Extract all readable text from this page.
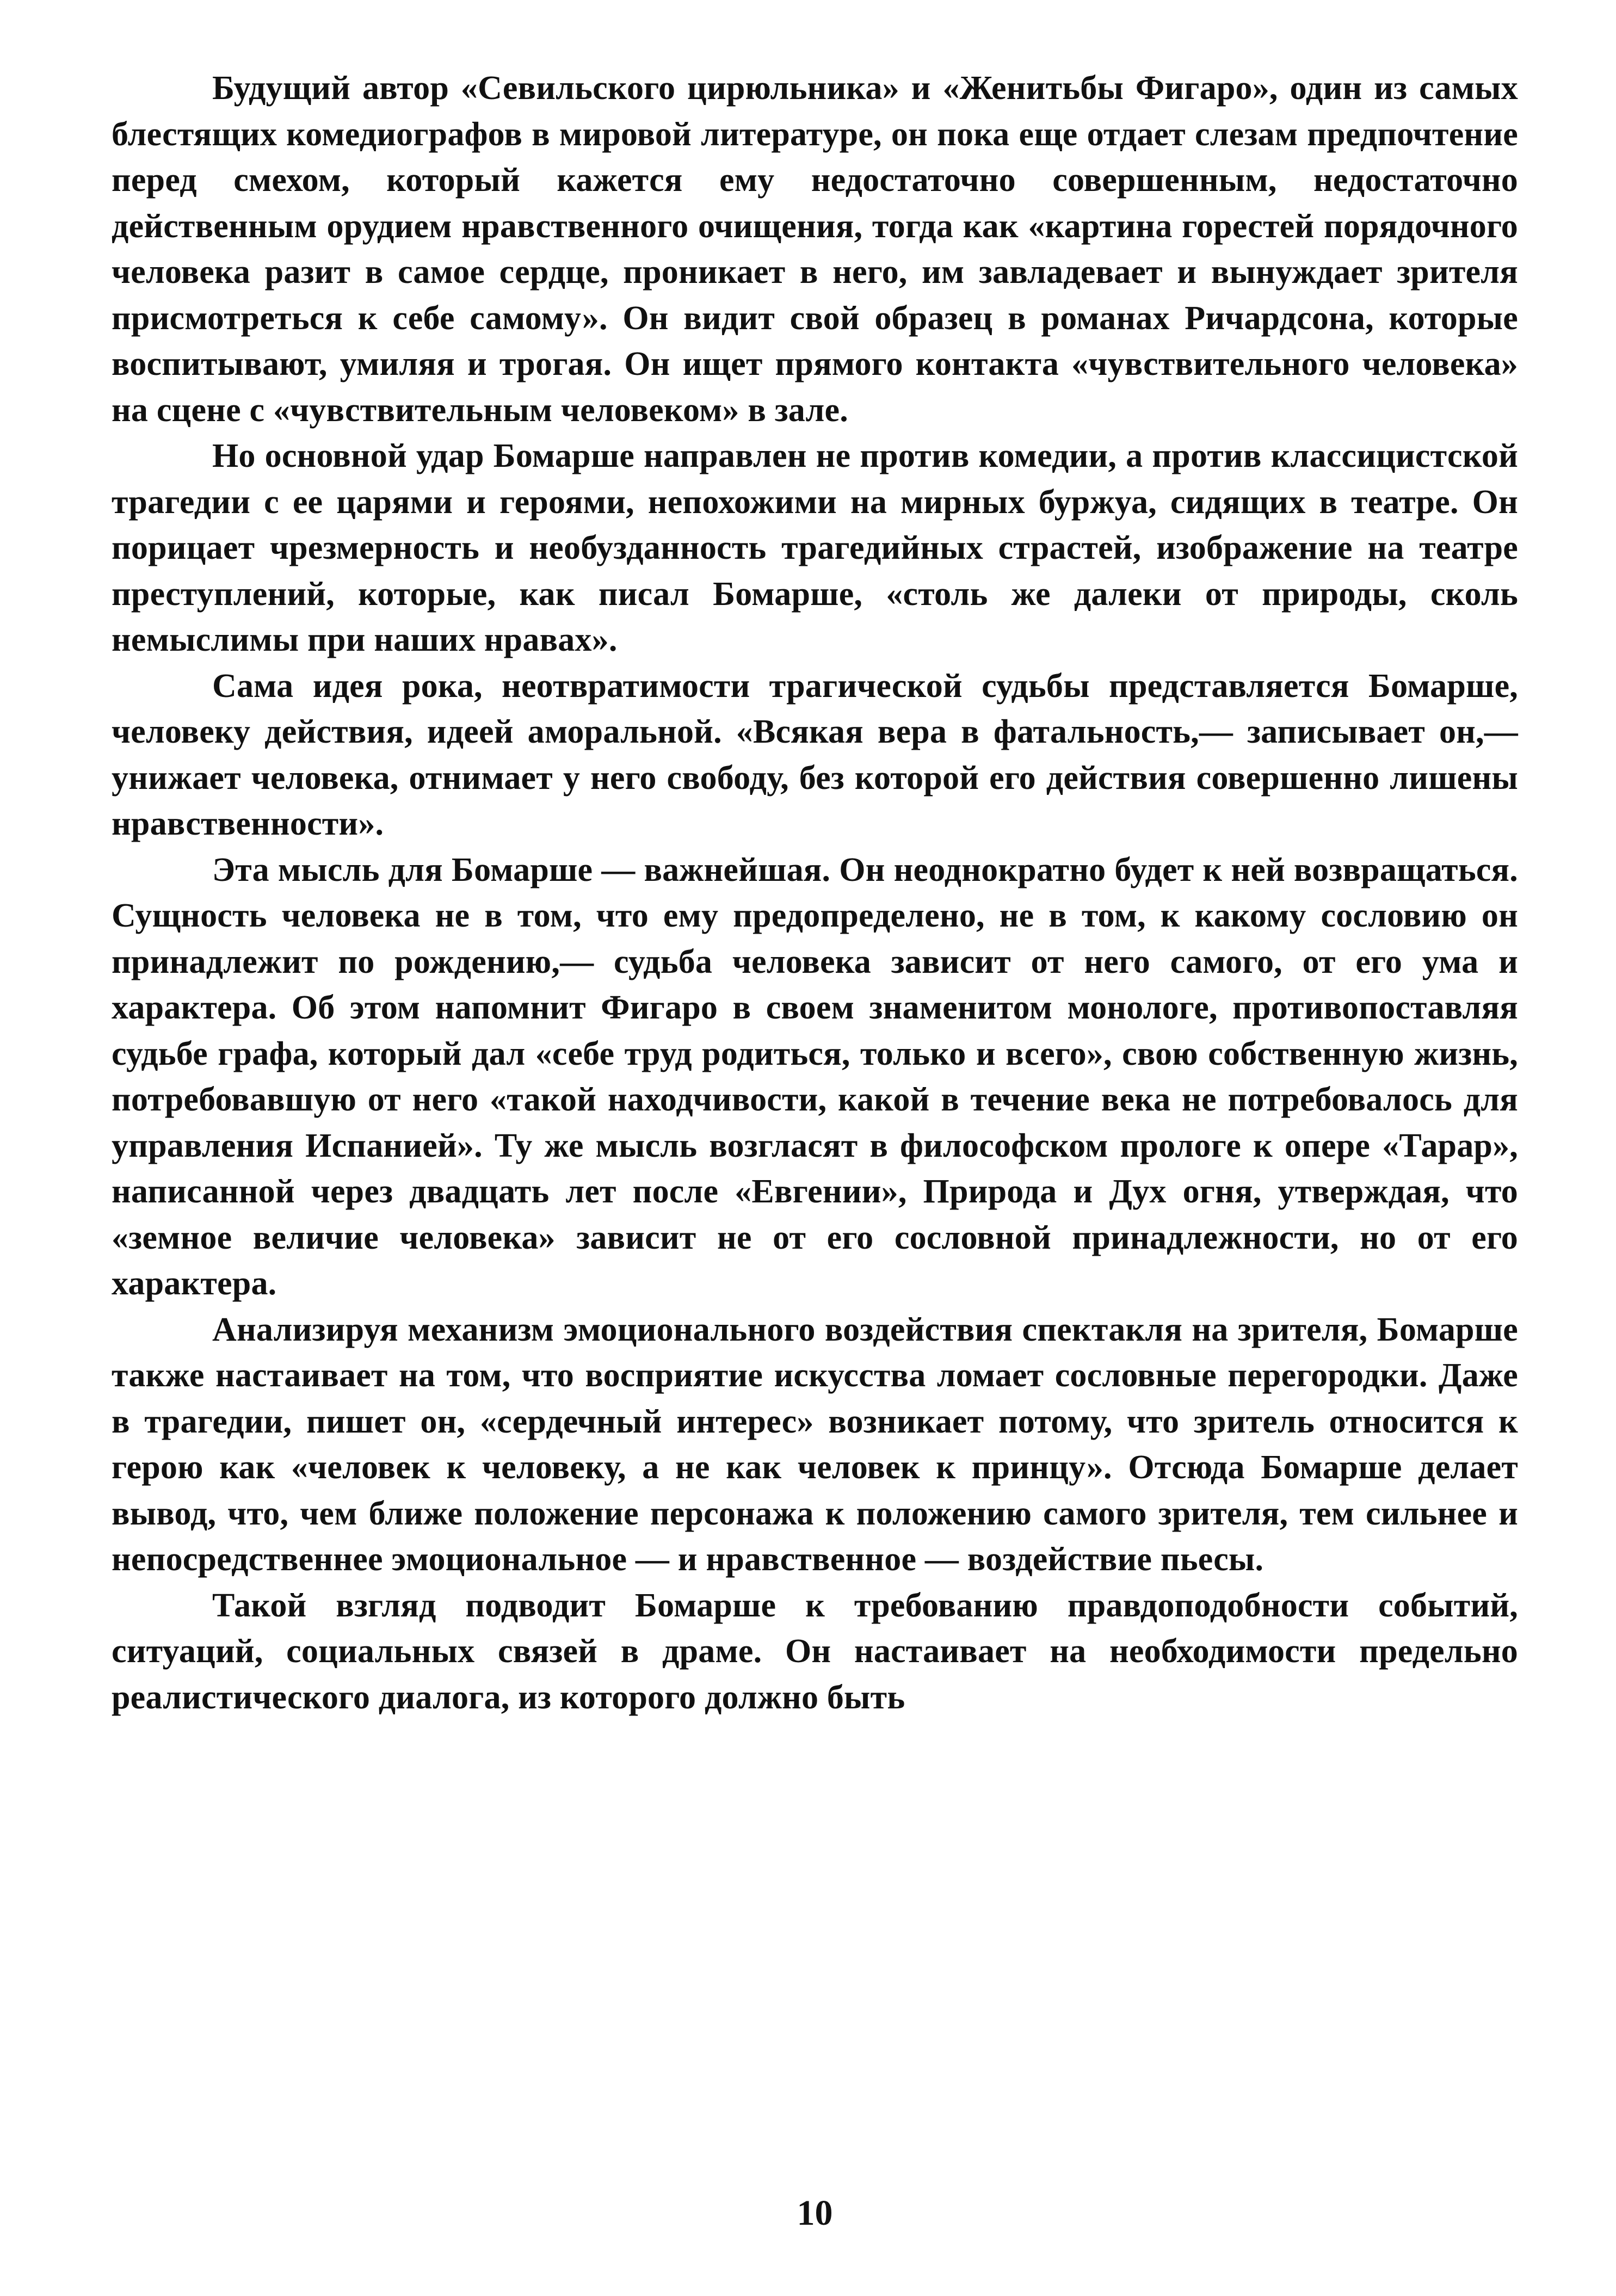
Будущий автор «Севильского цирюльника» и «Женитьбы Фигаро», один из самых блестящих комедиографов в мировой литературе, он пока еще отдает слезам предпочтение перед смехом, который кажется ему недостаточно совершенным, недостаточно действенным орудием нравственного очищения, тогда как «картина горестей порядочного человека разит в самое сердце, проникает в него, им завладевает и вынуждает зрителя присмотреться к себе самому». Он видит свой образец в романах Ричардсона, которые воспитывают, умиляя и трогая. Он ищет прямого контакта «чувствительного человека» на сцене с «чувствительным человеком» в зале.

Но основной удар Бомарше направлен не против комедии, а против классицистской трагедии с ее царями и героями, непохожими на мирных буржуа, сидящих в театре. Он порицает чрезмерность и необузданность трагедийных страстей, изображение на театре преступлений, которые, как писал Бомарше, «столь же далеки от природы, сколь немыслимы при наших нравах».

Сама идея рока, неотвратимости трагической судьбы представляется Бомарше, человеку действия, идеей аморальной. «Всякая вера в фатальность,— записывает он,— унижает человека, отнимает у него свободу, без которой его действия совершенно лишены нравственности».

Эта мысль для Бомарше — важнейшая. Он неоднократно будет к ней возвращаться. Сущность человека не в том, что ему предопределено, не в том, к какому сословию он принадлежит по рождению,— судьба человека зависит от него самого, от его ума и характера. Об этом напомнит Фигаро в своем знаменитом монологе, противопоставляя судьбе графа, который дал «себе труд родиться, только и всего», свою собственную жизнь, потребовавшую от него «такой находчивости, какой в течение века не потребовалось для управления Испанией». Ту же мысль возгласят в философском прологе к опере «Тарар», написанной через двадцать лет после «Евгении», Природа и Дух огня, утверждая, что «земное величие человека» зависит не от его сословной принадлежности, но от его характера.

Анализируя механизм эмоционального воздействия спектакля на зрителя, Бомарше также настаивает на том, что восприятие искусства ломает сословные перегородки. Даже в трагедии, пишет он, «сердечный интерес» возникает потому, что зритель относится к герою как «человек к человеку, а не как человек к принцу». Отсюда Бомарше делает вывод, что, чем ближе положение персонажа к положению самого зрителя, тем сильнее и непосредственнее эмоциональное — и нравственное — воздействие пьесы.

Такой взгляд подводит Бомарше к требованию правдоподобности событий, ситуаций, социальных связей в драме. Он настаивает на необходимости предельно реалистического диалога, из которого должно быть

10
